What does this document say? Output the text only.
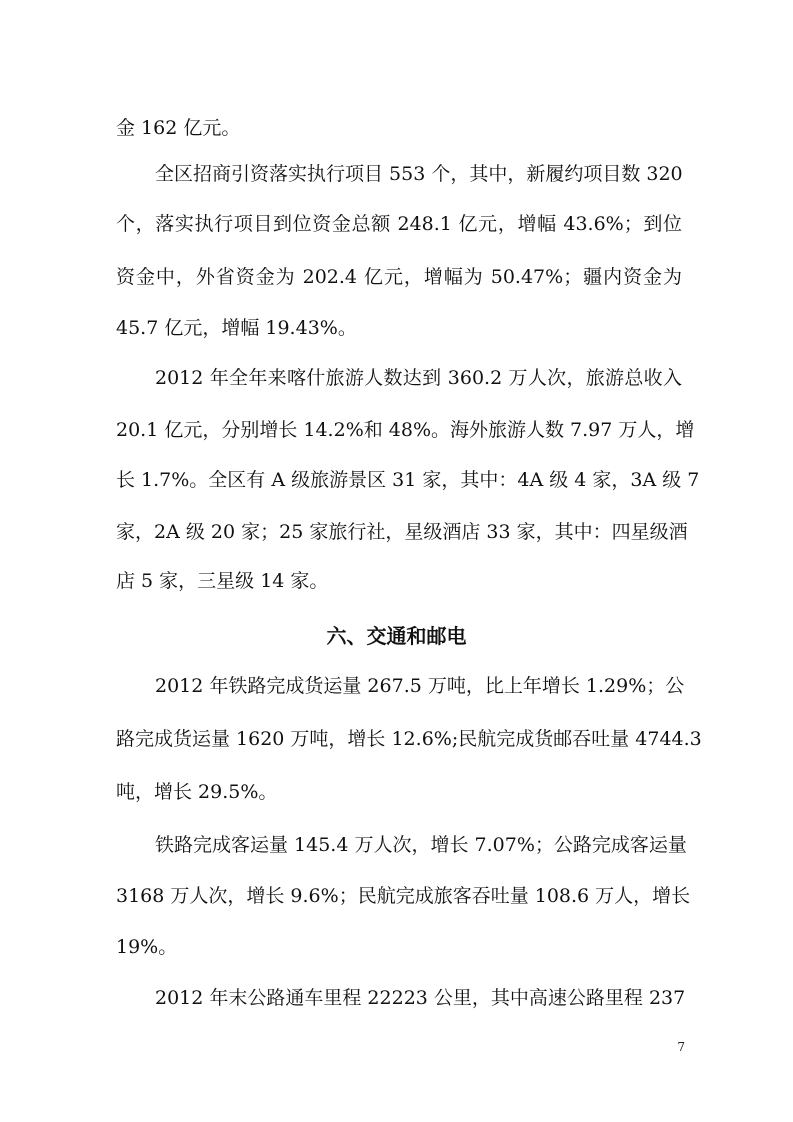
金 162 亿元。
全区招商引资落实执行项目 553 个，其中，新履约项目数 320
个，落实执行项目到位资金总额 248.1 亿元，增幅 43.6%；到位
资金中，外省资金为 202.4 亿元，增幅为 50.47%；疆内资金为
45.7 亿元，增幅 19.43%。
2012 年全年来喀什旅游人数达到 360.2 万人次，旅游总收入
20.1 亿元，分别增长 14.2%和 48%。海外旅游人数 7.97 万人，增
长 1.7%。全区有 A 级旅游景区 31 家，其中：4A 级 4 家，3A 级 7
家，2A 级 20 家；25 家旅行社，星级酒店 33 家，其中：四星级酒
店 5 家，三星级 14 家。
六、交通和邮电
2012 年铁路完成货运量 267.5 万吨，比上年增长 1.29%；公
路完成货运量 1620 万吨，增长 12.6%;民航完成货邮吞吐量 4744.3
吨，增长 29.5%。
铁路完成客运量 145.4 万人次，增长 7.07%；公路完成客运量
3168 万人次，增长 9.6%；民航完成旅客吞吐量 108.6 万人，增长
19%。
2012 年末公路通车里程 22223 公里，其中高速公路里程 237
7
